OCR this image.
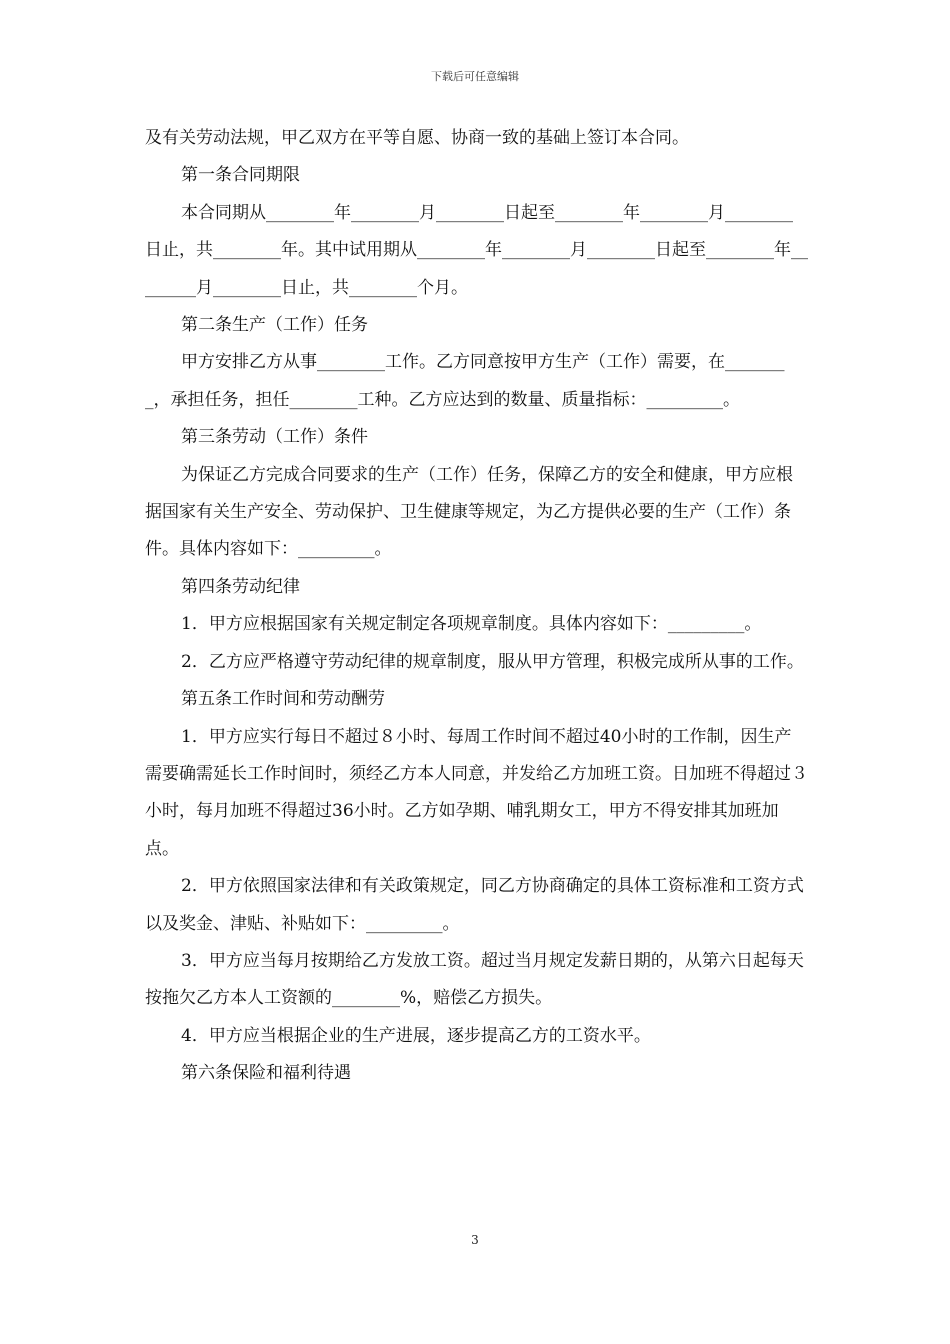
下载后可任意编辑

及有关劳动法规，甲乙双方在平等自愿、协商一致的基础上签订本合同。

第一条合同期限

本合同期从________年________月________日起至________年________月________日止，共________年。其中试用期从________年________月________日起至________年________月________日止，共________个月。

第二条生产（工作）任务

甲方安排乙方从事________工作。乙方同意按甲方生产（工作）需要，在________，承担任务，担任________工种。乙方应达到的数量、质量指标：_________。

第三条劳动（工作）条件

为保证乙方完成合同要求的生产（工作）任务，保障乙方的安全和健康，甲方应根据国家有关生产安全、劳动保护、卫生健康等规定，为乙方提供必要的生产（工作）条件。具体内容如下：_________。

第四条劳动纪律

1．甲方应根据国家有关规定制定各项规章制度。具体内容如下：_________。

2．乙方应严格遵守劳动纪律的规章制度，服从甲方管理，积极完成所从事的工作。

第五条工作时间和劳动酬劳

1．甲方应实行每日不超过８小时、每周工作时间不超过40小时的工作制，因生产需要确需延长工作时间时，须经乙方本人同意，并发给乙方加班工资。日加班不得超过３小时，每月加班不得超过36小时。乙方如孕期、哺乳期女工，甲方不得安排其加班加点。

2．甲方依照国家法律和有关政策规定，同乙方协商确定的具体工资标准和工资方式以及奖金、津贴、补贴如下：_________。

3．甲方应当每月按期给乙方发放工资。超过当月规定发薪日期的，从第六日起每天按拖欠乙方本人工资额的________%，赔偿乙方损失。

4．甲方应当根据企业的生产进展，逐步提高乙方的工资水平。

第六条保险和福利待遇

3
